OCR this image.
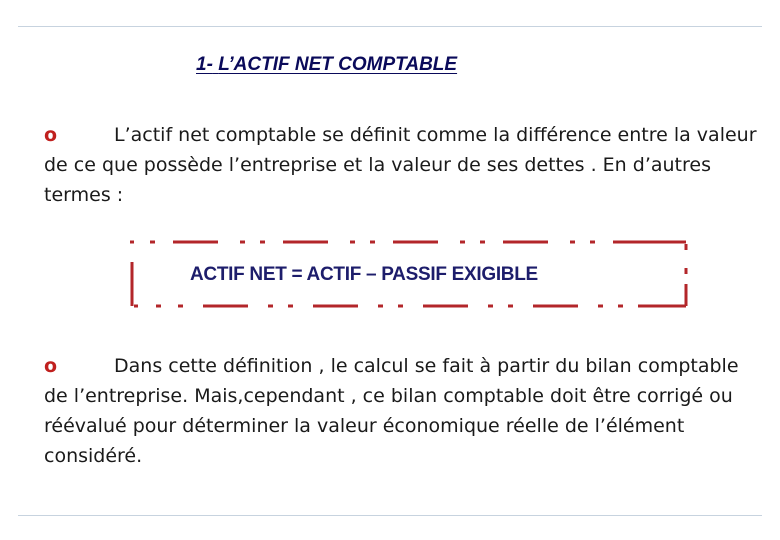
1- L’ACTIF NET COMPTABLE
o	L’actif net comptable se définit comme la différence entre la valeur de ce que possède l’entreprise et la valeur de ses dettes . En d’autres termes :
ACTIF NET = ACTIF – PASSIF EXIGIBLE
o	Dans cette définition , le calcul se fait à partir du bilan comptable de l’entreprise. Mais,cependant , ce bilan comptable doit être corrigé ou réévalué pour déterminer la valeur économique réelle de l’élément considéré.
